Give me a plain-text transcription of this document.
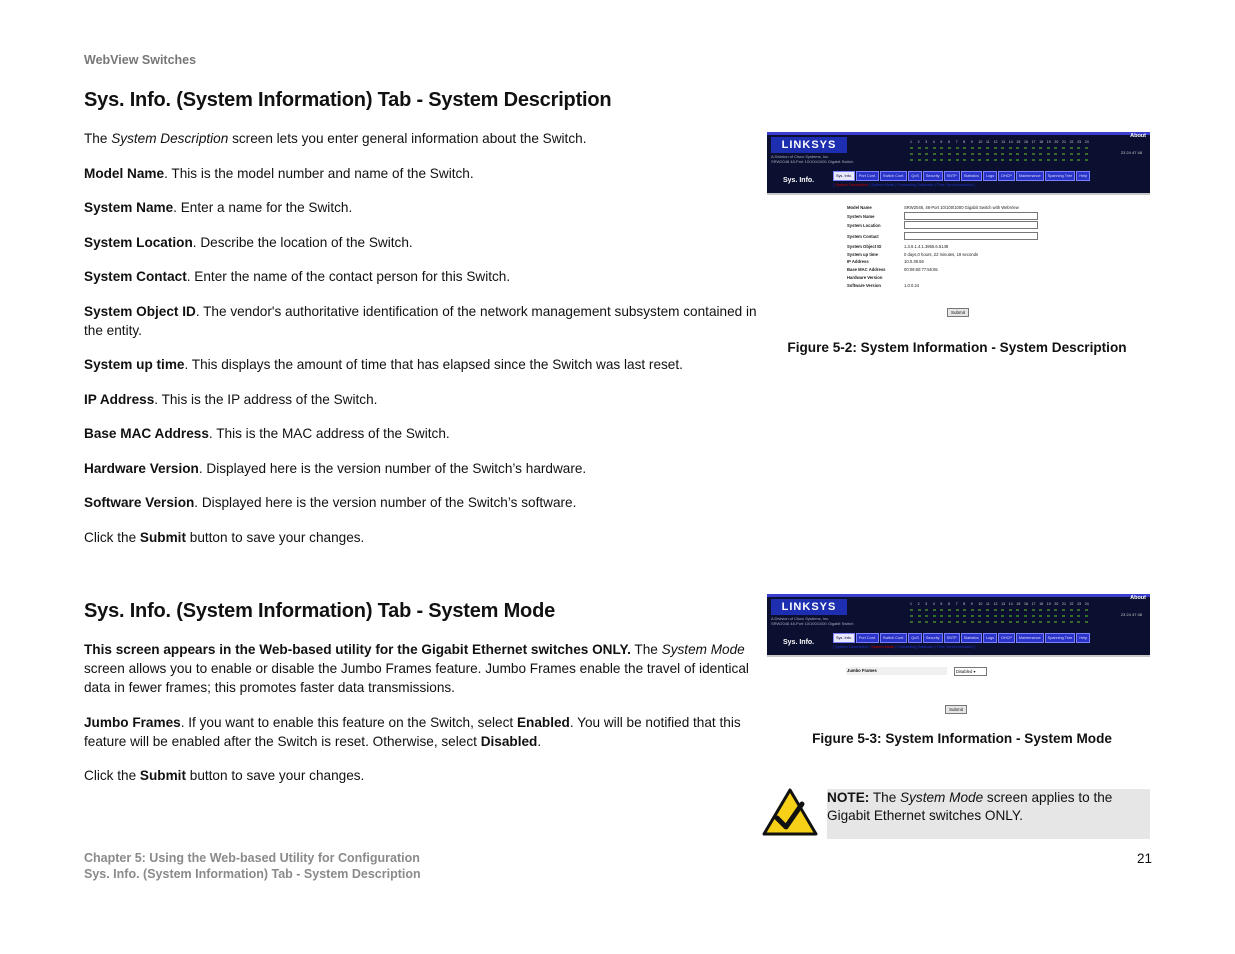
WebView Switches
Sys. Info. (System Information) Tab - System Description

The System Description screen lets you enter general information about the Switch.

Model Name. This is the model number and name of the Switch.

System Name. Enter a name for the Switch.

System Location. Describe the location of the Switch.

System Contact. Enter the name of the contact person for this Switch.

System Object ID. The vendor's authoritative identification of the network management subsystem contained in the entity.

System up time. This displays the amount of time that has elapsed since the Switch was last reset.

IP Address. This is the IP address of the Switch.

Base MAC Address. This is the MAC address of the Switch.

Hardware Version. Displayed here is the version number of the Switch’s hardware.

Software Version. Displayed here is the version number of the Switch’s software.

Click the Submit button to save your changes.

LINKSYS
A Division of Cisco Systems, Inc.
SRW2048 48-Port 10/100/1000 Gigabit Switch
About
1 2 3 4 5 6 7 8 9 10 11 12 13 14 15 16 17 18 19 20 21 22 23 24
23 24 47 48
Sys. Info.
Sys. Info.	Port Conf.	Switch Conf.	QoS	Security	SNTP	Statistics	Logs	DHCP	Maintenance	Spanning Tree	Help
[ System Description | System Mode | Forwarding Database | Time Synchronization ]
Model Name	SRW2048, 48-Port 10/100/1000 Gigabit Switch with WebView
System Name
System Location
System Contact
System Object ID	1.3.6.1.4.1.3955.6.5148
System up time	0 days,0 hours, 22 minutes, 19 seconds
IP Address	10.0.39.56
Base MAC Address	00:09:60:77:56:65
Hardware Version
Software Version	1.0.0.24
Submit
Figure 5-2: System Information - System Description
Sys. Info. (System Information) Tab - System Mode

This screen appears in the Web-based utility for the Gigabit Ethernet switches ONLY. The System Mode screen allows you to enable or disable the Jumbo Frames feature. Jumbo Frames enable the travel of identical data in fewer frames; this promotes faster data transmissions.

Jumbo Frames. If you want to enable this feature on the Switch, select Enabled. You will be notified that this feature will be enabled after the Switch is reset. Otherwise, select Disabled.

Click the Submit button to save your changes.

LINKSYS
A Division of Cisco Systems, Inc.
SRW2048 48-Port 10/100/1000 Gigabit Switch
About
1 2 3 4 5 6 7 8 9 10 11 12 13 14 15 16 17 18 19 20 21 22 23 24
23 24 47 48
Sys. Info.
Sys. Info.	Port Conf.	Switch Conf.	QoS	Security	SNTP	Statistics	Logs	DHCP	Maintenance	Spanning Tree	Help
[ System Description | System Mode | Forwarding Database | Time Synchronization ]
Jumbo Frames	Disabled ▾
Submit
Figure 5-3: System Information - System Mode
NOTE: The System Mode screen applies to the Gigabit Ethernet switches ONLY.
Chapter 5: Using the Web-based Utility for Configuration
Sys. Info. (System Information) Tab - System Description
21
